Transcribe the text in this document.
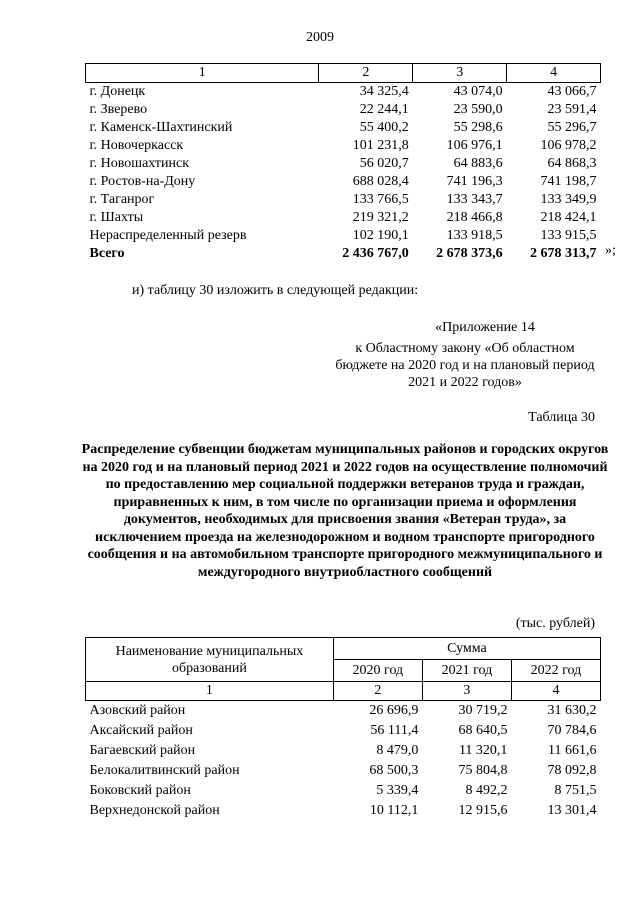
2009
1	2	3	4
г. Донецк	34 325,4	43 074,0	43 066,7
г. Зверево	22 244,1	23 590,0	23 591,4
г. Каменск-Шахтинский	55 400,2	55 298,6	55 296,7
г. Новочеркасск	101 231,8	106 976,1	106 978,2
г. Новошахтинск	56 020,7	64 883,6	64 868,3
г. Ростов-на-Дону	688 028,4	741 196,3	741 198,7
г. Таганрог	133 766,5	133 343,7	133 349,9
г. Шахты	219 321,2	218 466,8	218 424,1
Нераспределенный резерв	102 190,1	133 918,5	133 915,5
Всего	2 436 767,0	2 678 373,6	2 678 313,7 »;
и) таблицу 30 изложить в следующей редакции:
«Приложение 14
к Областному закону «Об областном бюджете на 2020 год и на плановый период 2021 и 2022 годов»
Таблица 30
Распределение субвенции бюджетам муниципальных районов и городских округов на 2020 год и на плановый период 2021 и 2022 годов на осуществление полномочий по предоставлению мер социальной поддержки ветеранов труда и граждан, приравненных к ним, в том числе по организации приема и оформления документов, необходимых для присвоения звания «Ветеран труда», за исключением проезда на железнодорожном и водном транспорте пригородного сообщения и на автомобильном транспорте пригородного межмуниципального и междугородного внутриобластного сообщений
(тыс. рублей)
Наименование муниципальных образований	Сумма		
	2020 год	2021 год	2022 год
1	2	3	4
Азовский район	26 696,9	30 719,2	31 630,2
Аксайский район	56 111,4	68 640,5	70 784,6
Багаевский район	8 479,0	11 320,1	11 661,6
Белокалитвинский район	68 500,3	75 804,8	78 092,8
Боковский район	5 339,4	8 492,2	8 751,5
Верхнедонской район	10 112,1	12 915,6	13 301,4
